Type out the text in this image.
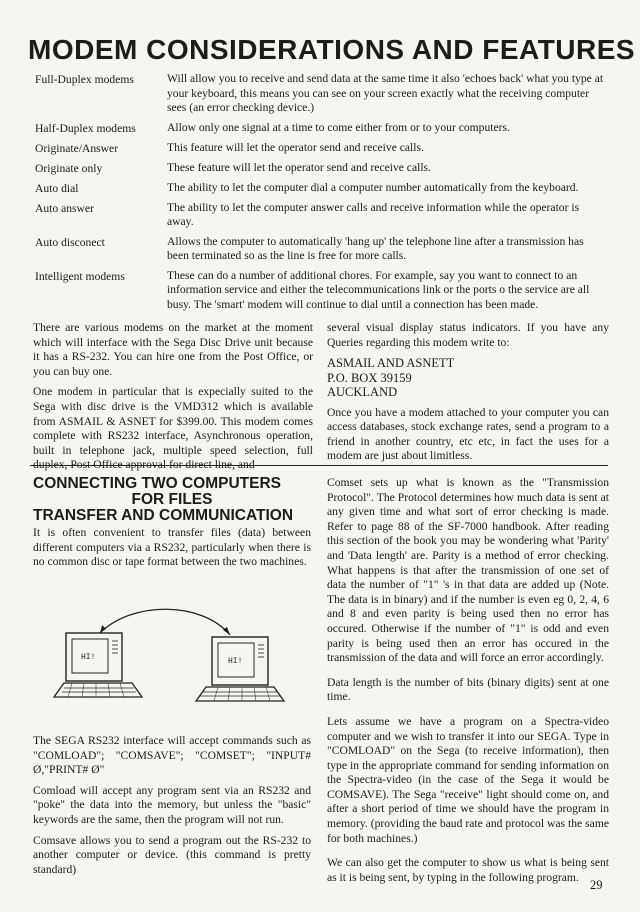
MODEM CONSIDERATIONS AND FEATURES
Full-Duplex modems	Will allow you to receive and send data at the same time it also 'echoes back' what you type at your keyboard, this means you can see on your screen exactly what the receiving computer sees (an error checking device.)
Half-Duplex modems	Allow only one signal at a time to come either from or to your computers.
Originate/Answer	This feature will let the operator send and receive calls.
Originate only	These feature will let the operator send and receive calls.
Auto dial	The ability to let the computer dial a computer number automatically from the keyboard.
Auto answer	The ability to let the computer answer calls and receive information while the operator is away.
Auto disconect	Allows the computer to automatically 'hang up' the telephone line after a transmission has been terminated so as the line is free for more calls.
Intelligent modems	These can do a number of additional chores. For example, say you want to connect to an information service and either the telecommunications link or the ports o the service are all busy. The 'smart' modem will continue to dial until a connection has been made.

There are various modems on the market at the moment which will interface with the Sega Disc Drive unit because it has a RS-232. You can hire one from the Post Office, or you can buy one.

One modem in particular that is expecially suited to the Sega with disc drive is the VMD312 which is available from ASMAIL & ASNET for $399.00. This modem comes complete with RS232 interface, Asynchronous operation, built in telephone jack, multiple speed selection, full duplex, Post Office approval for direct line, and

several visual display status indicators. If you have any Queries regarding this modem write to:

ASMAIL AND ASNETT
P.O. BOX 39159
AUCKLAND

Once you have a modem attached to your computer you can access databases, stock exchange rates, send a program to a friend in another country, etc etc, in fact the uses for a modem are just about limitless.

CONNECTING TWO COMPUTERS
FOR FILES
TRANSFER AND COMMUNICATION

It is often convenient to transfer files (data) between different computers via a RS232, particularly when there is no common disc or tape format between the two machines.

HI!	HI!

The SEGA RS232 interface will accept commands such as "COMLOAD"; "COMSAVE"; "COMSET"; "INPUT# Ø,"PRINT# Ø"

Comload will accept any program sent via an RS232 and "poke" the data into the memory, but unless the "basic" keywords are the same, then the program will not run.

Comsave allows you to send a program out the RS-232 to another computer or device. (this command is pretty standard)

Comset sets up what is known as the "Transmission Protocol". The Protocol determines how much data is sent at any given time and what sort of error checking is made. Refer to page 88 of the SF-7000 handbook. After reading this section of the book you may be wondering what 'Parity' and 'Data length' are. Parity is a method of error checking. What happens is that after the transmission of one set of data the number of "1" 's in that data are added up (Note. The data is in binary) and if the number is even eg 0, 2, 4, 6 and 8 and even parity is being used then no error has occured. Otherwise if the number of "1" is odd and even parity is being used then an error has occured in the transmission of the data and will force an error accordingly.

Data length is the number of bits (binary digits) sent at one time.

Lets assume we have a program on a Spectra-video computer and we wish to transfer it into our SEGA. Type in "COMLOAD" on the Sega (to receive information), then type in the appropriate command for sending information on the Spectra-video (in the case of the Sega it would be COMSAVE). The Sega "receive" light should come on, and after a short period of time we should have the program in memory. (providing the baud rate and protocol was the same for both machines.)

We can also get the computer to show us what is being sent as it is being sent, by typing in the following program.

29
